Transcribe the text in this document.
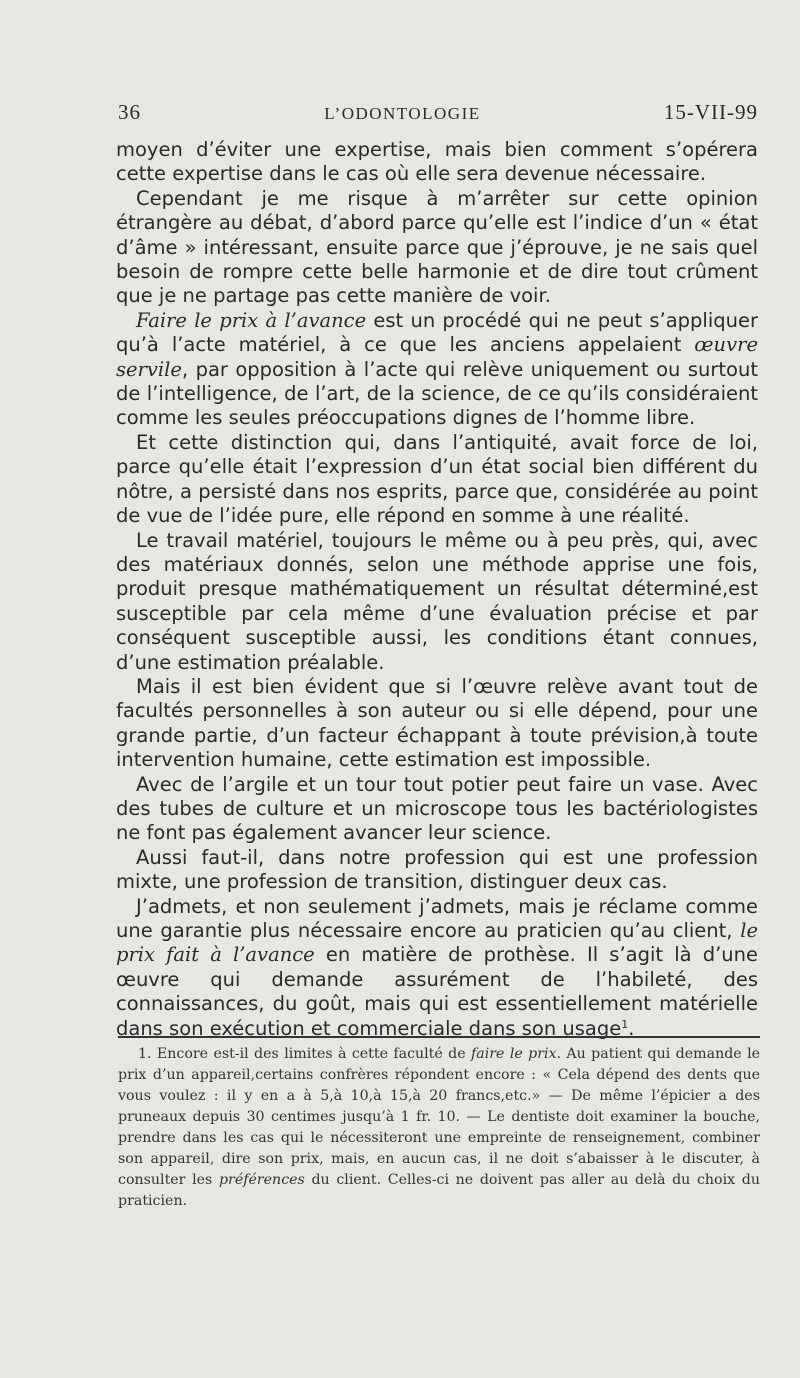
36	L’ODONTOLOGIE	15-VII-99

moyen d’éviter une expertise, mais bien comment s’opérera cette expertise dans le cas où elle sera devenue nécessaire.

Cependant je me risque à m’arrêter sur cette opinion étrangère au débat, d’abord parce qu’elle est l’indice d’un « état d’âme » intéressant, ensuite parce que j’éprouve, je ne sais quel besoin de rompre cette belle harmonie et de dire tout crûment que je ne partage pas cette manière de voir.

Faire le prix à l’avance est un procédé qui ne peut s’appliquer qu’à l’acte matériel, à ce que les anciens appelaient œuvre servile, par opposition à l’acte qui relève uniquement ou surtout de l’intelligence, de l’art, de la science, de ce qu’ils considéraient comme les seules préoccupations dignes de l’homme libre.

Et cette distinction qui, dans l’antiquité, avait force de loi, parce qu’elle était l’expression d’un état social bien différent du nôtre, a persisté dans nos esprits, parce que, considérée au point de vue de l’idée pure, elle répond en somme à une réalité.

Le travail matériel, toujours le même ou à peu près, qui, avec des matériaux donnés, selon une méthode apprise une fois, produit presque mathématiquement un résultat déterminé,est susceptible par cela même d’une évaluation précise et par conséquent susceptible aussi, les conditions étant connues, d’une estimation préalable.

Mais il est bien évident que si l’œuvre relève avant tout de facultés personnelles à son auteur ou si elle dépend, pour une grande partie, d’un facteur échappant à toute prévision,à toute intervention humaine, cette estimation est impossible.

Avec de l’argile et un tour tout potier peut faire un vase. Avec des tubes de culture et un microscope tous les bactériologistes ne font pas également avancer leur science.

Aussi faut-il, dans notre profession qui est une profession mixte, une profession de transition, distinguer deux cas.

J’admets, et non seulement j’admets, mais je réclame comme une garantie plus nécessaire encore au praticien qu’au client, le prix fait à l’avance en matière de prothèse. Il s’agit là d’une œuvre qui demande assurément de l’habileté, des connaissances, du goût, mais qui est essentiellement matérielle dans son exécution et commerciale dans son usage$^1$.

1. Encore est-il des limites à cette faculté de faire le prix. Au patient qui demande le prix d’un appareil,certains confrères répondent encore : « Cela dépend des dents que vous voulez : il y en a à 5,à 10,à 15,à 20 francs,etc.» — De même l’épicier a des pruneaux depuis 30 centimes jusqu’à 1 fr. 10. — Le dentiste doit examiner la bouche, prendre dans les cas qui le nécessiteront une empreinte de renseignement, combiner son appareil, dire son prix, mais, en aucun cas, il ne doit s’abaisser à le discuter, à consulter les préférences du client. Celles-ci ne doivent pas aller au delà du choix du praticien.
